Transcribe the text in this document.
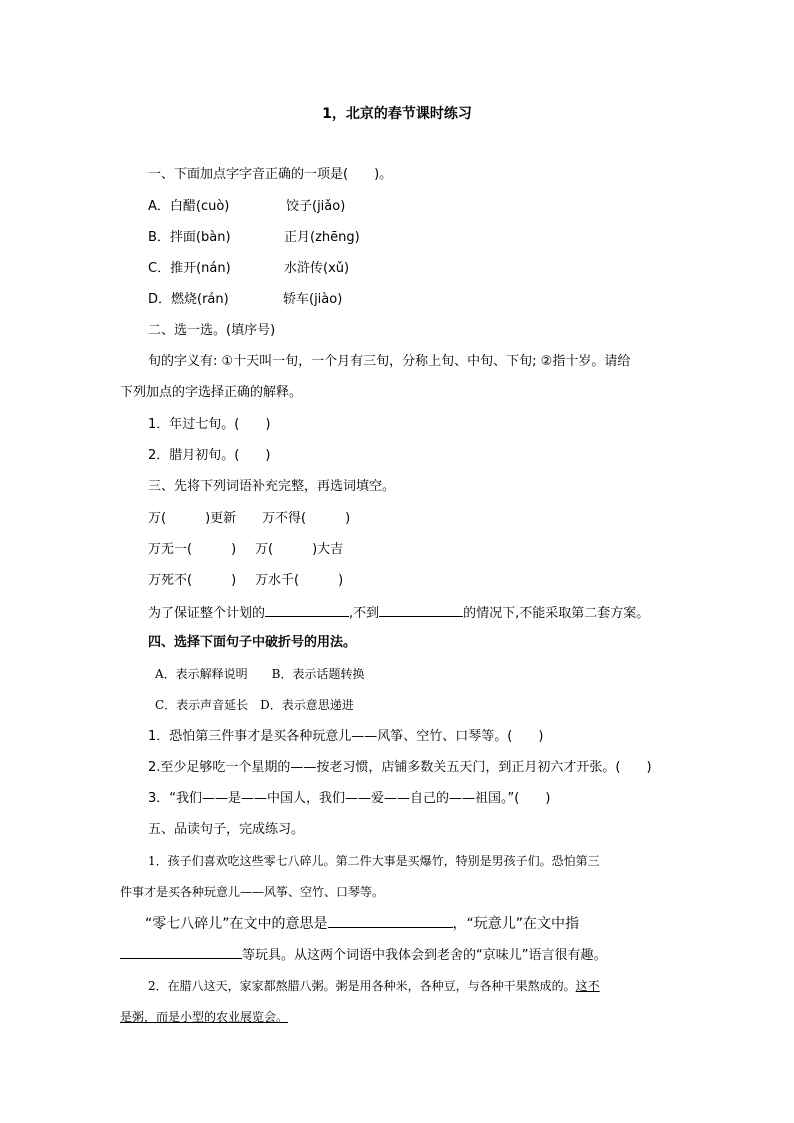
1，北京的春节课时练习
一、下面加点字字音正确的一项是(　　)。
A．白醋(cuò)	饺子(jiǎo)
B．拌面(bàn)	正月(zhēng)
C．推开(nán)	水浒传(xǔ)
D．燃烧(rán)	轿车(jiào)
二、选一选。(填序号)
旬的字义有: ①十天叫一旬，一个月有三旬，分称上旬、中旬、下旬; ②指十岁。请给
下列加点的字选择正确的解释。
1．年过七旬。(　　)
2．腊月初旬。(　　)
三、先将下列词语补充完整，再选词填空。
万(　　　)更新 万不得(　　　)
万无一(　　　) 万(　　　)大吉
万死不(　　　) 万水千(　　　)
为了保证整个计划的	,不到	的情况下,不能采取第二套方案。
四、选择下面句子中破折号的用法。
A．表示解释说明　　B．表示话题转换
C．表示声音延长　D．表示意思递进
1．恐怕第三件事才是买各种玩意儿——风筝、空竹、口琴等。(　　)
2.至少足够吃一个星期的——按老习惯，店铺多数关五天门，到正月初六才开张。(　　)
3．“我们——是——中国人，我们——爱——自己的——祖国。”(　　)
五、品读句子，完成练习。
1．孩子们喜欢吃这些零七八碎儿。第二件大事是买爆竹，特别是男孩子们。恐怕第三
件事才是买各种玩意儿——风筝、空竹、口琴等。
“零七八碎儿”在文中的意思是	，“玩意儿”在文中指
等玩具。从这两个词语中我体会到老舍的“京味儿”语言很有趣。
2．在腊八这天，家家都熬腊八粥。粥是用各种米，各种豆，与各种干果熬成的。这不
是粥，而是小型的农业展览会。
